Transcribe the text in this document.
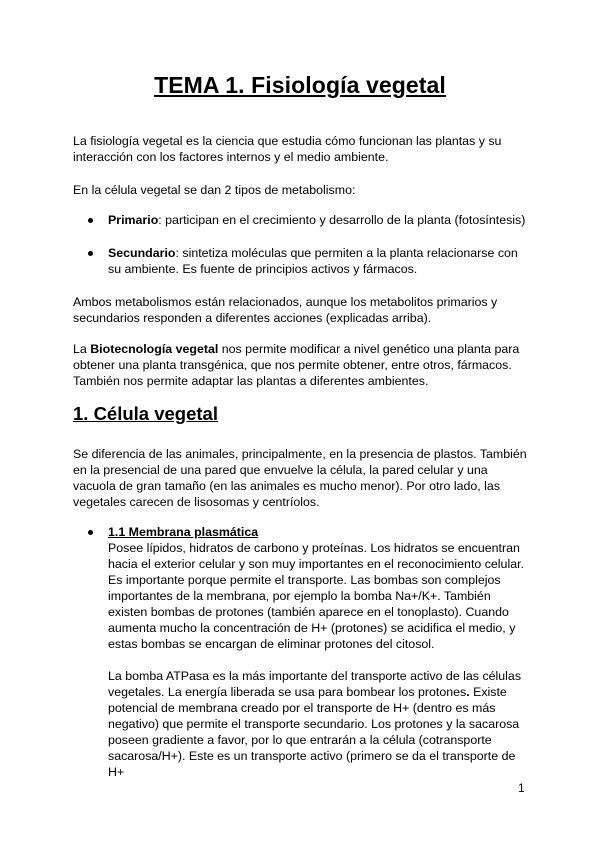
TEMA 1. Fisiología vegetal
La fisiología vegetal es la ciencia que estudia cómo funcionan las plantas y su interacción con los factores internos y el medio ambiente.
En la célula vegetal se dan 2 tipos de metabolismo:
Primario: participan en el crecimiento y desarrollo de la planta (fotosíntesis)
Secundario: sintetiza moléculas que permiten a la planta relacionarse con su ambiente. Es fuente de principios activos y fármacos.
Ambos metabolismos están relacionados, aunque los metabolitos primarios y secundarios responden a diferentes acciones (explicadas arriba).
La Biotecnología vegetal nos permite modificar a nivel genético una planta para obtener una planta transgénica, que nos permite obtener, entre otros, fármacos. También nos permite adaptar las plantas a diferentes ambientes.
1. Célula vegetal
Se diferencia de las animales, principalmente, en la presencia de plastos. También en la presencial de una pared que envuelve la célula, la pared celular y una vacuola de gran tamaño (en las animales es mucho menor). Por otro lado, las vegetales carecen de lisosomas y centríolos.
1.1 Membrana plasmática
Posee lípidos, hidratos de carbono y proteínas. Los hidratos se encuentran hacia el exterior celular y son muy importantes en el reconocimiento celular. Es importante porque permite el transporte. Las bombas son complejos importantes de la membrana, por ejemplo la bomba Na+/K+. También existen bombas de protones (también aparece en el tonoplasto). Cuando aumenta mucho la concentración de H+ (protones) se acidifica el medio, y estas bombas se encargan de eliminar protones del citosol.
La bomba ATPasa es la más importante del transporte activo de las células vegetales. La energía liberada se usa para bombear los protones. Existe potencial de membrana creado por el transporte de H+ (dentro es más negativo) que permite el transporte secundario. Los protones y la sacarosa poseen gradiente a favor, por lo que entrarán a la célula (cotransporte sacarosa/H+). Este es un transporte activo (primero se da el transporte de H+
1
